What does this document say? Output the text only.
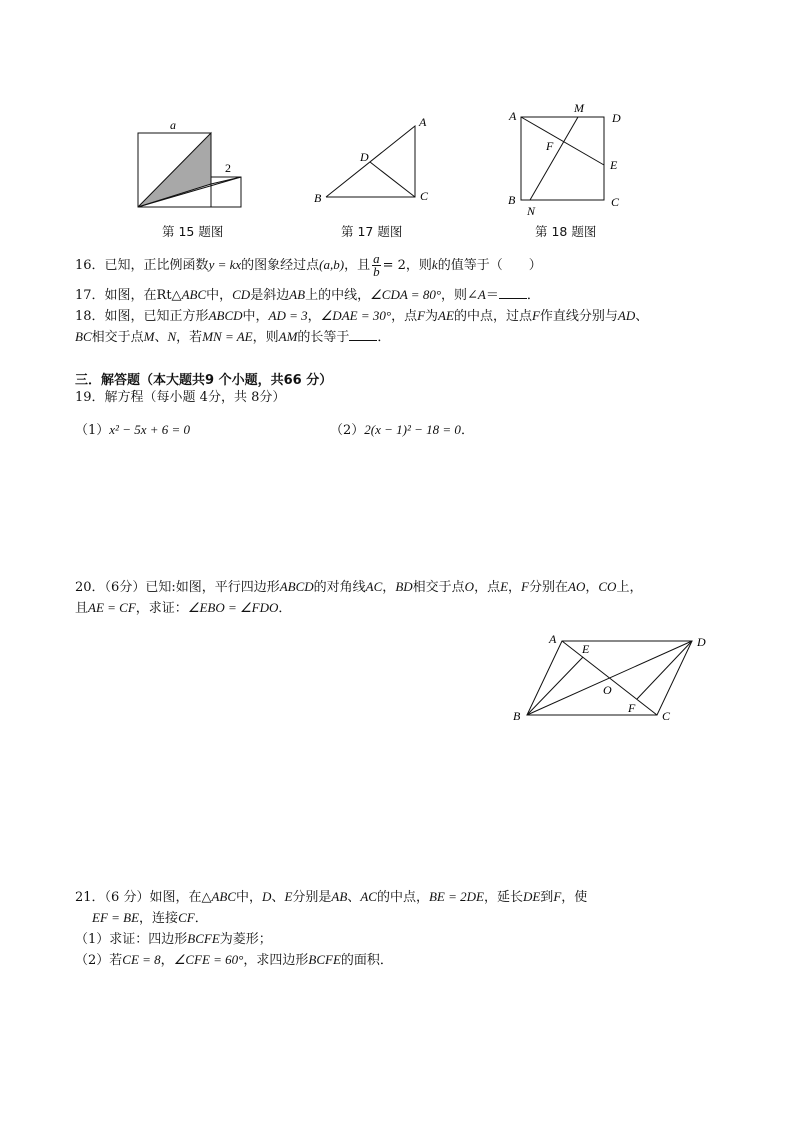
a
2
第 15 题图
A
B	C
D
第 17 题图
A
M
D
F
E
B
N
C
第 18 题图
16．已知，正比例函数y = kx的图象经过点(a,b)，且 $\frac{a}{b} = 2$，则k的值等于（　　）
17．如图，在Rt△ABC中，CD是斜边AB上的中线，∠CDA = 80°，则∠A＝ ．
18．如图，已知正方形ABCD中，AD = 3，∠DAE = 30°，点F为AE的中点，过点F作直线分别与AD、
BC相交于点M、N，若MN = AE，则AM的长等于 ．
三．解答题（本大题共9 个小题，共66 分）
19．解方程（每小题 4分，共 8分）
（1）x² − 5x + 6 = 0	（2）2(x − 1)² − 18 = 0．
20．（6分）已知:如图，平行四边形ABCD的对角线AC，BD相交于点O，点E，F分别在AO，CO上，
且AE = CF，求证：∠EBO = ∠FDO．
A
E	D
O
F
B	C
21．（6 分）如图，在△ABC中，D、E分别是AB、AC的中点，BE = 2DE，延长DE到F，使
EF = BE，连接CF．
（1）求证：四边形BCFE为菱形；
（2）若CE = 8，∠CFE = 60°，求四边形BCFE的面积．
